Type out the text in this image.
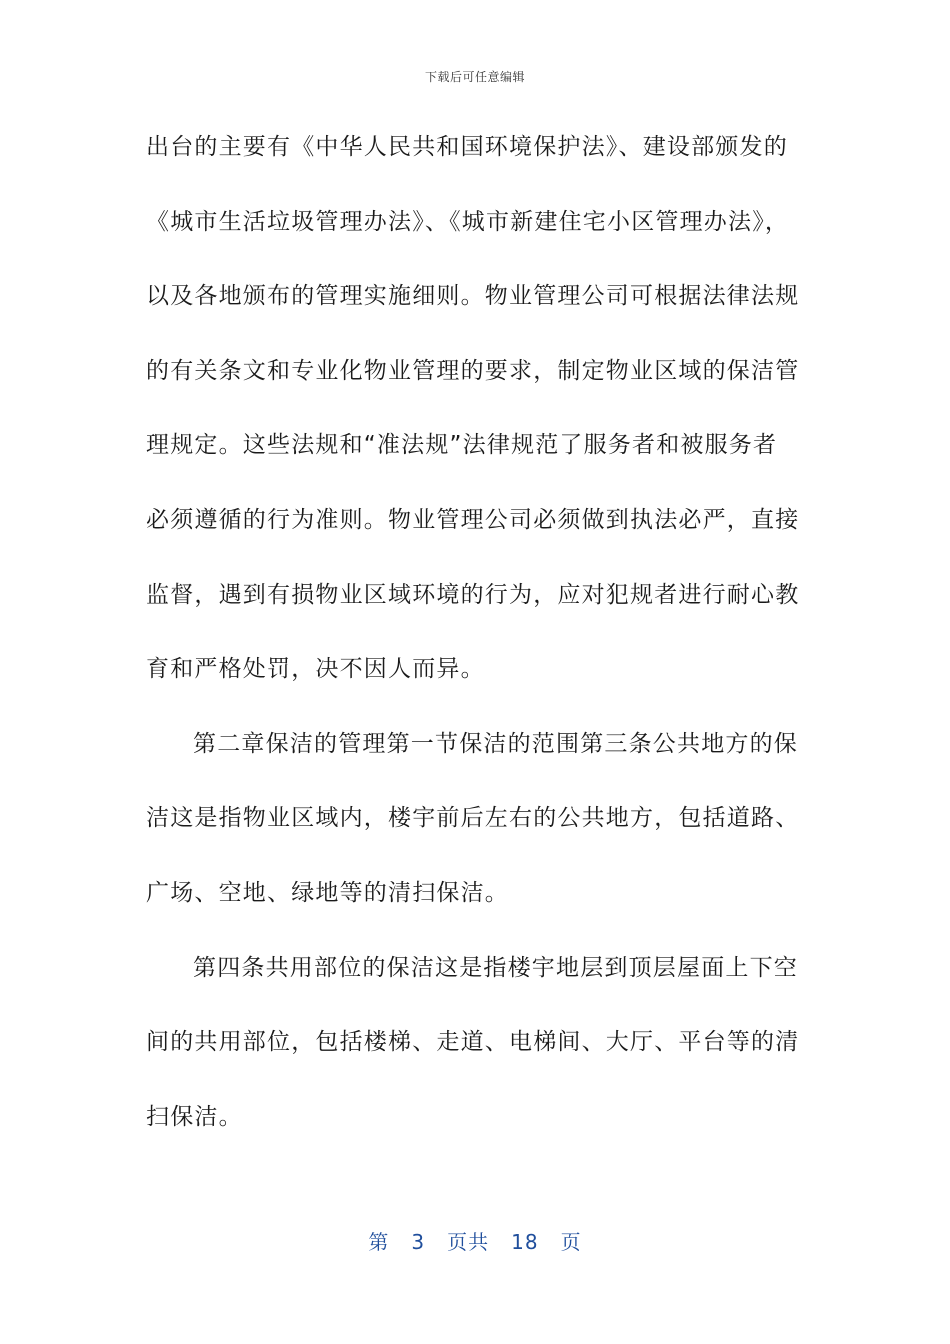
下载后可任意编辑
出台的主要有《中华人民共和国环境保护法》、建设部颁发的
《城市生活垃圾管理办法》、《城市新建住宅小区管理办法》，
以及各地颁布的管理实施细则。物业管理公司可根据法律法规
的有关条文和专业化物业管理的要求，制定物业区域的保洁管
理规定。这些法规和“准法规”法律规范了服务者和被服务者
必须遵循的行为准则。物业管理公司必须做到执法必严，直接
监督，遇到有损物业区域环境的行为，应对犯规者进行耐心教
育和严格处罚，决不因人而异。
第二章保洁的管理第一节保洁的范围第三条公共地方的保
洁这是指物业区域内，楼宇前后左右的公共地方，包括道路、
广场、空地、绿地等的清扫保洁。
第四条共用部位的保洁这是指楼宇地层到顶层屋面上下空
间的共用部位，包括楼梯、走道、电梯间、大厅、平台等的清
扫保洁。
第 3 页共 18 页
